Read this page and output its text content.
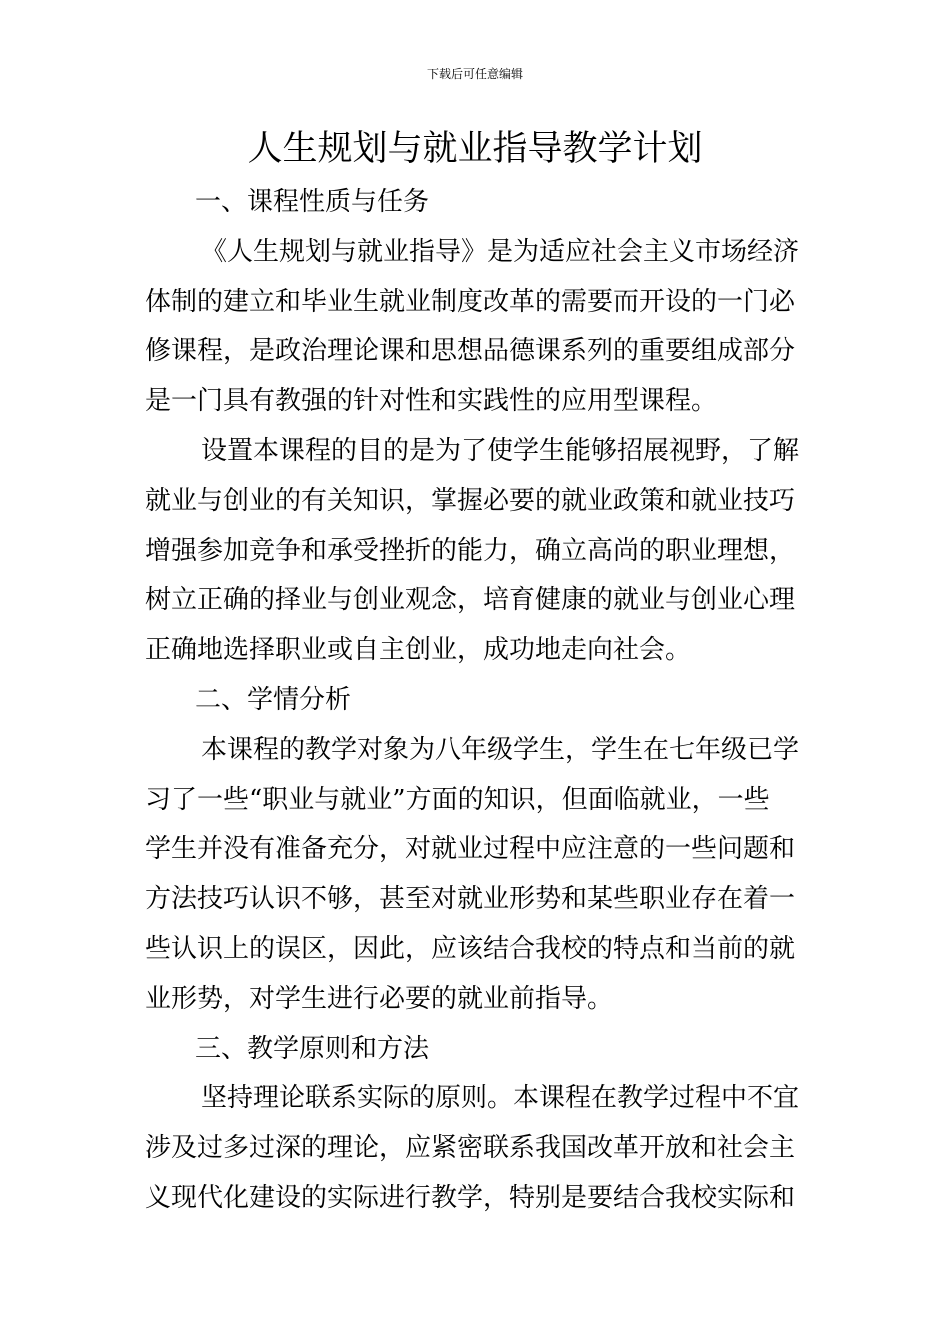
下载后可任意编辑
人生规划与就业指导教学计划
一、课程性质与任务
《人生规划与就业指导》是为适应社会主义市场经济
体制的建立和毕业生就业制度改革的需要而开设的一门必
修课程，是政治理论课和思想品德课系列的重要组成部分
是一门具有教强的针对性和实践性的应用型课程。
设置本课程的目的是为了使学生能够招展视野，了解
就业与创业的有关知识，掌握必要的就业政策和就业技巧
增强参加竞争和承受挫折的能力，确立高尚的职业理想，
树立正确的择业与创业观念，培育健康的就业与创业心理
正确地选择职业或自主创业，成功地走向社会。
二、学情分析
本课程的教学对象为八年级学生，学生在七年级已学
习了一些“职业与就业”方面的知识，但面临就业，一些
学生并没有准备充分，对就业过程中应注意的一些问题和
方法技巧认识不够，甚至对就业形势和某些职业存在着一
些认识上的误区，因此，应该结合我校的特点和当前的就
业形势，对学生进行必要的就业前指导。
三、教学原则和方法
坚持理论联系实际的原则。本课程在教学过程中不宜
涉及过多过深的理论，应紧密联系我国改革开放和社会主
义现代化建设的实际进行教学，特别是要结合我校实际和
